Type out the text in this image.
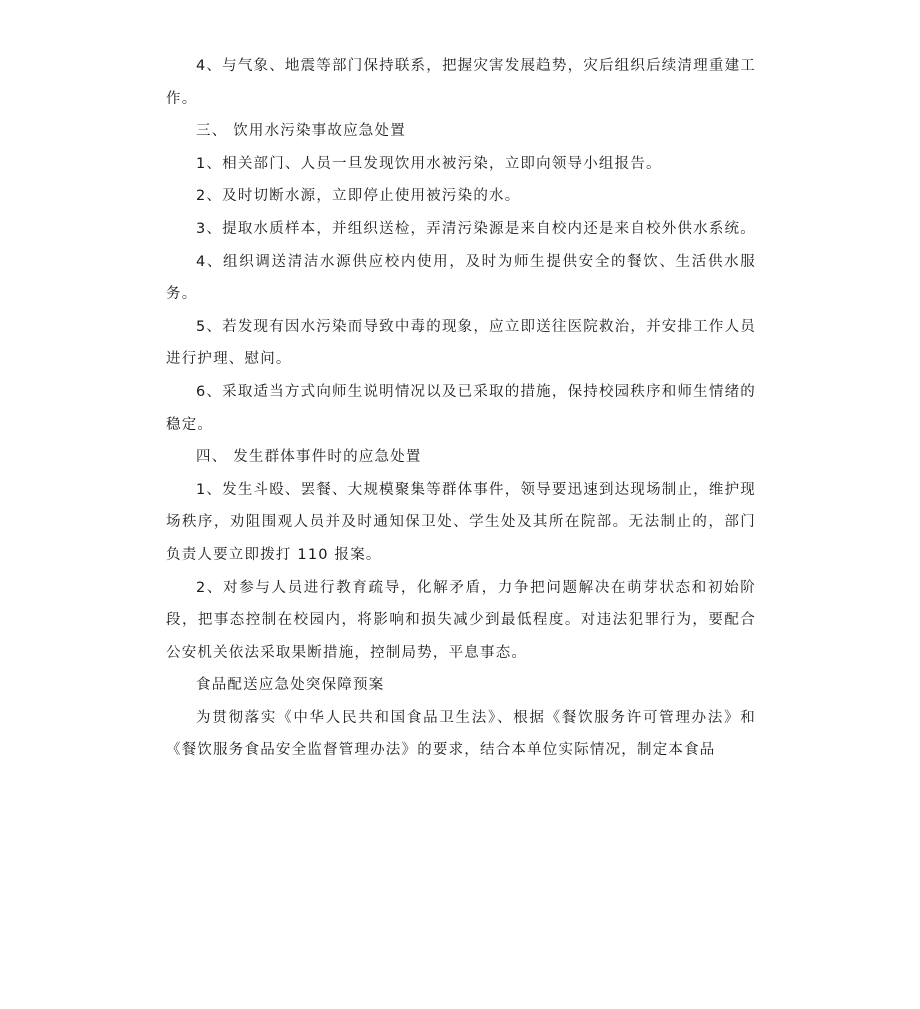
4、与气象、地震等部门保持联系，把握灾害发展趋势，灾后组织后续清理重建工作。

三、 饮用水污染事故应急处置

1、相关部门、人员一旦发现饮用水被污染，立即向领导小组报告。

2、及时切断水源，立即停止使用被污染的水。

3、提取水质样本，并组织送检，弄清污染源是来自校内还是来自校外供水系统。

4、组织调送清洁水源供应校内使用，及时为师生提供安全的餐饮、生活供水服务。

5、若发现有因水污染而导致中毒的现象，应立即送往医院救治，并安排工作人员进行护理、慰问。

6、采取适当方式向师生说明情况以及已采取的措施，保持校园秩序和师生情绪的稳定。

四、 发生群体事件时的应急处置

1、发生斗殴、罢餐、大规模聚集等群体事件，领导要迅速到达现场制止，维护现场秩序，劝阻围观人员并及时通知保卫处、学生处及其所在院部。无法制止的，部门负责人要立即拨打 110 报案。

2、对参与人员进行教育疏导，化解矛盾，力争把问题解决在萌芽状态和初始阶段，把事态控制在校园内，将影响和损失减少到最低程度。对违法犯罪行为，要配合公安机关依法采取果断措施，控制局势，平息事态。

食品配送应急处突保障预案

为贯彻落实《中华人民共和国食品卫生法》、根据《餐饮服务许可管理办法》和《餐饮服务食品安全监督管理办法》的要求，结合本单位实际情况，制定本食品
